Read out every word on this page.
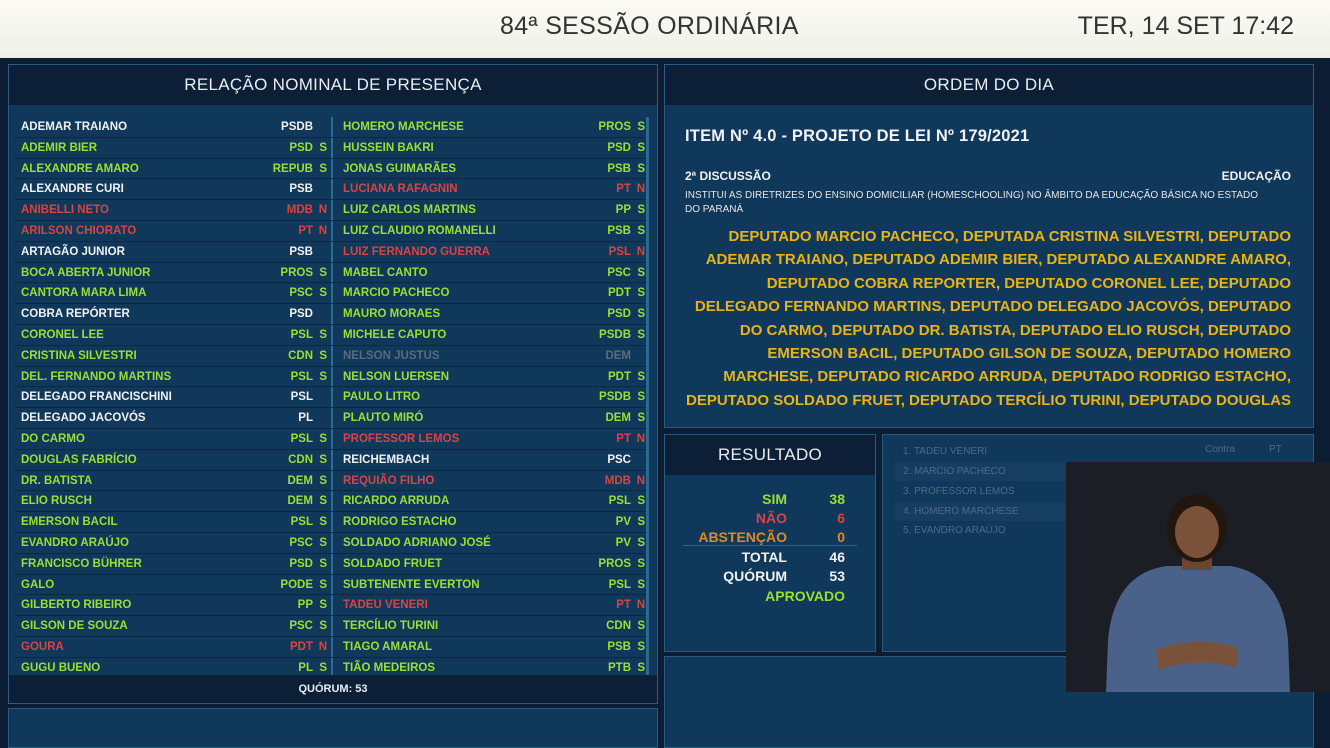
84ª SESSÃO ORDINÁRIA	TER, 14 SET 17:42
RELAÇÃO NOMINAL DE PRESENÇA
ADEMAR TRAIANO	PSDB
ADEMIR BIER	PSD S
ALEXANDRE AMARO	REPUB S
ALEXANDRE CURI	PSB
ANIBELLI NETO	MDB N
ARILSON CHIORATO	PT N
ARTAGÃO JUNIOR	PSB
BOCA ABERTA JUNIOR	PROS S
CANTORA MARA LIMA	PSC S
COBRA REPÓRTER	PSD
CORONEL LEE	PSL S
CRISTINA SILVESTRI	CDN S
DEL. FERNANDO MARTINS	PSL S
DELEGADO FRANCISCHINI	PSL
DELEGADO JACOVÓS	PL
DO CARMO	PSL S
DOUGLAS FABRÍCIO	CDN S
DR. BATISTA	DEM S
ELIO RUSCH	DEM S
EMERSON BACIL	PSL S
EVANDRO ARAÚJO	PSC S
FRANCISCO BÜHRER	PSD S
GALO	PODE S
GILBERTO RIBEIRO	PP S
GILSON DE SOUZA	PSC S
GOURA	PDT N
GUGU BUENO	PL S
HOMERO MARCHESE	PROS S
HUSSEIN BAKRI	PSD S
JONAS GUIMARÃES	PSB S
LUCIANA RAFAGNIN	PT N
LUIZ CARLOS MARTINS	PP S
LUIZ CLAUDIO ROMANELLI	PSB S
LUIZ FERNANDO GUERRA	PSL N
MABEL CANTO	PSC S
MARCIO PACHECO	PDT S
MAURO MORAES	PSD S
MICHELE CAPUTO	PSDB S
NELSON JUSTUS	DEM
NELSON LUERSEN	PDT S
PAULO LITRO	PSDB S
PLAUTO MIRÓ	DEM S
PROFESSOR LEMOS	PT N
REICHEMBACH	PSC
REQUIÃO FILHO	MDB N
RICARDO ARRUDA	PSL S
RODRIGO ESTACHO	PV S
SOLDADO ADRIANO JOSÉ	PV S
SOLDADO FRUET	PROS S
SUBTENENTE EVERTON	PSL S
TADEU VENERI	PT N
TERCÍLIO TURINI	CDN S
TIAGO AMARAL	PSB S
TIÃO MEDEIROS	PTB S
QUÓRUM: 53
ORDEM DO DIA
ITEM Nº 4.0 - PROJETO DE LEI Nº 179/2021
2ª DISCUSSÃO	EDUCAÇÃO
INSTITUI AS DIRETRIZES DO ENSINO DOMICILIAR (HOMESCHOOLING) NO ÂMBITO DA EDUCAÇÃO BÁSICA NO ESTADO DO PARANÁ
DEPUTADO MARCIO PACHECO, DEPUTADA CRISTINA SILVESTRI, DEPUTADO ADEMAR TRAIANO, DEPUTADO ADEMIR BIER, DEPUTADO ALEXANDRE AMARO, DEPUTADO COBRA REPORTER, DEPUTADO CORONEL LEE, DEPUTADO DELEGADO FERNANDO MARTINS, DEPUTADO DELEGADO JACOVÓS, DEPUTADO DO CARMO, DEPUTADO DR. BATISTA, DEPUTADO ELIO RUSCH, DEPUTADO EMERSON BACIL, DEPUTADO GILSON DE SOUZA, DEPUTADO HOMERO MARCHESE, DEPUTADO RICARDO ARRUDA, DEPUTADO RODRIGO ESTACHO, DEPUTADO SOLDADO FRUET, DEPUTADO TERCÍLIO TURINI, DEPUTADO DOUGLAS
RESULTADO
SIM	38
NÃO	6
ABSTENÇÃO	0
TOTAL	46
QUÓRUM	53
APROVADO
1. TADEU VENERI	Contra	PT
2. MARCIO PACHECO
3. PROFESSOR LEMOS
4. HOMERO MARCHESE
5. EVANDRO ARAÚJO
